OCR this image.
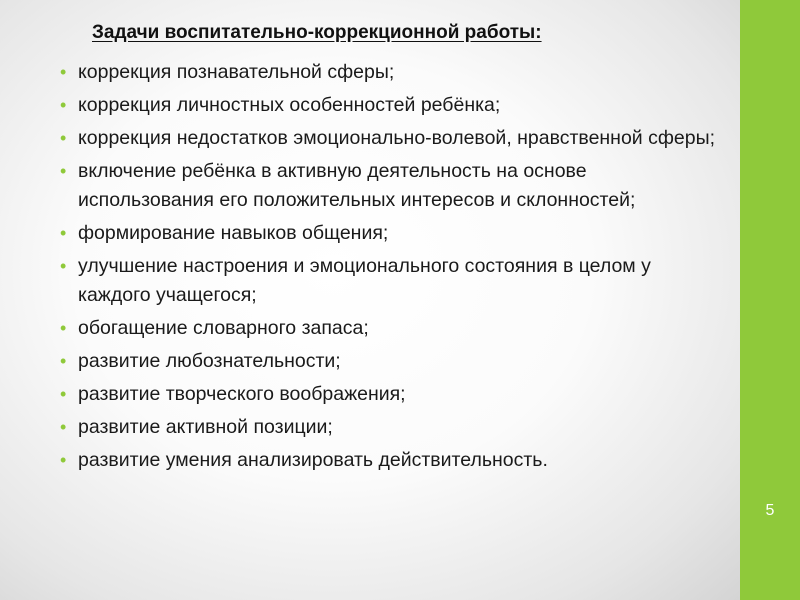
5
Задачи воспитательно-коррекционной работы:
• коррекция познавательной сферы;
• коррекция личностных особенностей ребёнка;
• коррекция недостатков эмоционально-волевой, нравственной сферы;
• включение ребёнка в активную деятельность на основе использования его положительных интересов и склонностей;
• формирование навыков общения;
• улучшение настроения и эмоционального состояния в целом у каждого учащегося;
• обогащение словарного запаса;
• развитие любознательности;
• развитие творческого воображения;
• развитие активной позиции;
• развитие умения анализировать действительность.
